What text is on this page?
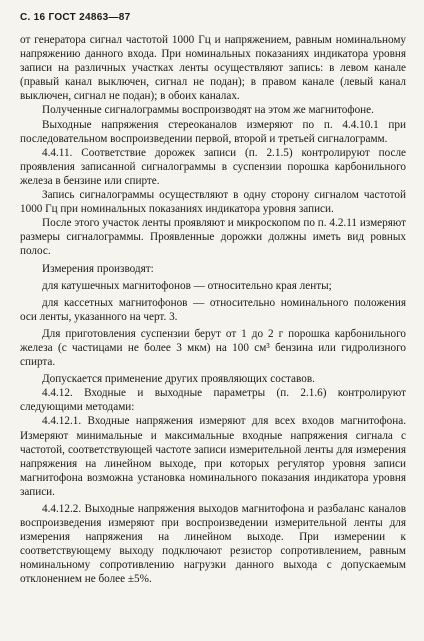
С. 16 ГОСТ 24863—87

от генератора сигнал частотой 1000 Гц и напряжением, равным номинальному напряжению данного входа. При номинальных показаниях индикатора уровня записи на различных участках ленты осуществляют запись: в левом канале (правый канал выключен, сигнал не подан); в правом канале (левый канал выключен, сигнал не подан); в обоих каналах.

Полученные сигналограммы воспроизводят на этом же магнитофоне.

Выходные напряжения стереоканалов измеряют по п. 4.4.10.1 при последовательном воспроизведении первой, второй и третьей сигналограмм.

4.4.11. Соответствие дорожек записи (п. 2.1.5) контролируют после проявления записанной сигналограммы в суспензии порошка карбонильного железа в бензине или спирте.

Запись сигналограммы осуществляют в одну сторону сигналом частотой 1000 Гц при номинальных показаниях индикатора уровня записи.

После этого участок ленты проявляют и микроскопом по п. 4.2.11 измеряют размеры сигналограммы. Проявленные дорожки должны иметь вид ровных полос.

Измерения производят:

для катушечных магнитофонов — относительно края ленты;

для кассетных магнитофонов — относительно номинального положения оси ленты, указанного на черт. 3.

Для приготовления суспензии берут от 1 до 2 г порошка карбонильного железа (с частицами не более 3 мкм) на 100 см³ бензина или гидролизного спирта.

Допускается применение других проявляющих составов.

4.4.12. Входные и выходные параметры (п. 2.1.6) контролируют следующими методами:

4.4.12.1. Входные напряжения измеряют для всех входов магнитофона. Измеряют минимальные и максимальные входные напряжения сигнала с частотой, соответствующей частоте записи измерительной ленты для измерения напряжения на линейном выходе, при которых регулятор уровня записи магнитофона возможна установка номинального показания индикатора уровня записи.

4.4.12.2. Выходные напряжения выходов магнитофона и разбаланс каналов воспроизведения измеряют при воспроизведении измерительной ленты для измерения напряжения на линейном выходе. При измерении к соответствующему выходу подключают резистор сопротивлением, равным номинальному сопротивлению нагрузки данного выхода с допускаемым отклонением не более ±5%.
